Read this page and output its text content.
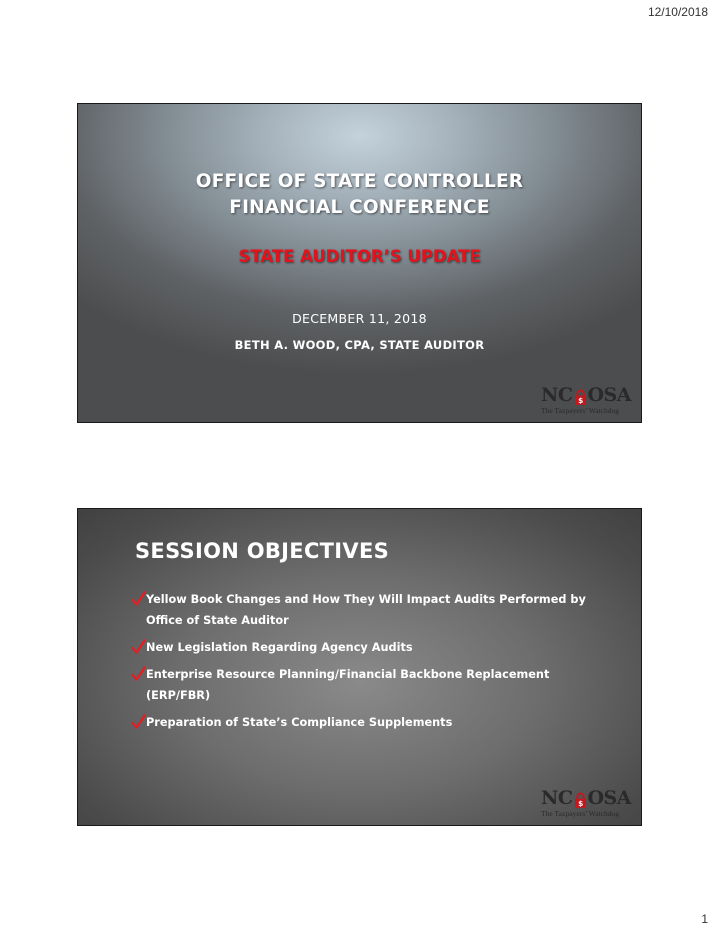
12/10/2018
OFFICE OF STATE CONTROLLER
FINANCIAL CONFERENCE
STATE AUDITOR’S UPDATE
DECEMBER 11, 2018
BETH A. WOOD, CPA, STATE AUDITOR
NC $ OSA
The Taxpayers’ Watchdog
SESSION OBJECTIVES
Yellow Book Changes and How They Will Impact Audits Performed by Office of State Auditor
New Legislation Regarding Agency Audits
Enterprise Resource Planning/Financial Backbone Replacement (ERP/FBR)
Preparation of State’s Compliance Supplements
NC $ OSA
The Taxpayers’ Watchdog
1
